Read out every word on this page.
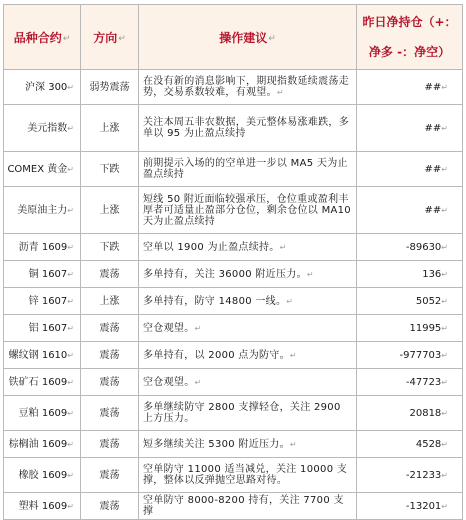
品种合约↵	方向↵	操作建议↵	昨日净持仓（+：
净多 -：净空）
沪深 300↵	弱势震荡	在没有新的消息影响下，期现指数延续震荡走势，交易系数较难，有观望。↵	##↵
美元指数↵	上涨	关注本周五非农数据，美元整体易涨难跌，多单以 95 为止盈点续持	##↵
COMEX 黄金↵	下跌	前期提示入场的的空单进一步以 MA5 天为止盈点续持	##↵
美原油主力↵	上涨	短线 50 附近面临较强承压，仓位重或盈利丰厚者可适量止盈部分仓位，剩余仓位以 MA10 天为止盈点续持	##↵
沥青 1609↵	下跌	空单以 1900 为止盈点续持。↵	-89630↵
铜 1607↵	震荡	多单持有，关注 36000 附近压力。↵	136↵
锌 1607↵	上涨	多单持有，防守 14800 一线。↵	5052↵
铝 1607↵	震荡	空仓观望。↵	11995↵
螺纹钢 1610↵	震荡	多单持有，以 2000 点为防守。↵	-977703↵
铁矿石 1609↵	震荡	空仓观望。↵	-47723↵
豆粕 1609↵	震荡	多单继续防守 2800 支撑轻仓，关注 2900 上方压力。	20818↵
棕榈油 1609↵	震荡	短多继续关注 5300 附近压力。↵	4528↵
橡胶 1609↵	震荡	空单防守 11000 适当减兑，关注 10000 支撑，整体以反弹抛空思路对待。	-21233↵
塑料 1609↵	震荡	空单防守 8000-8200 持有，关注 7700 支撑	-13201↵
